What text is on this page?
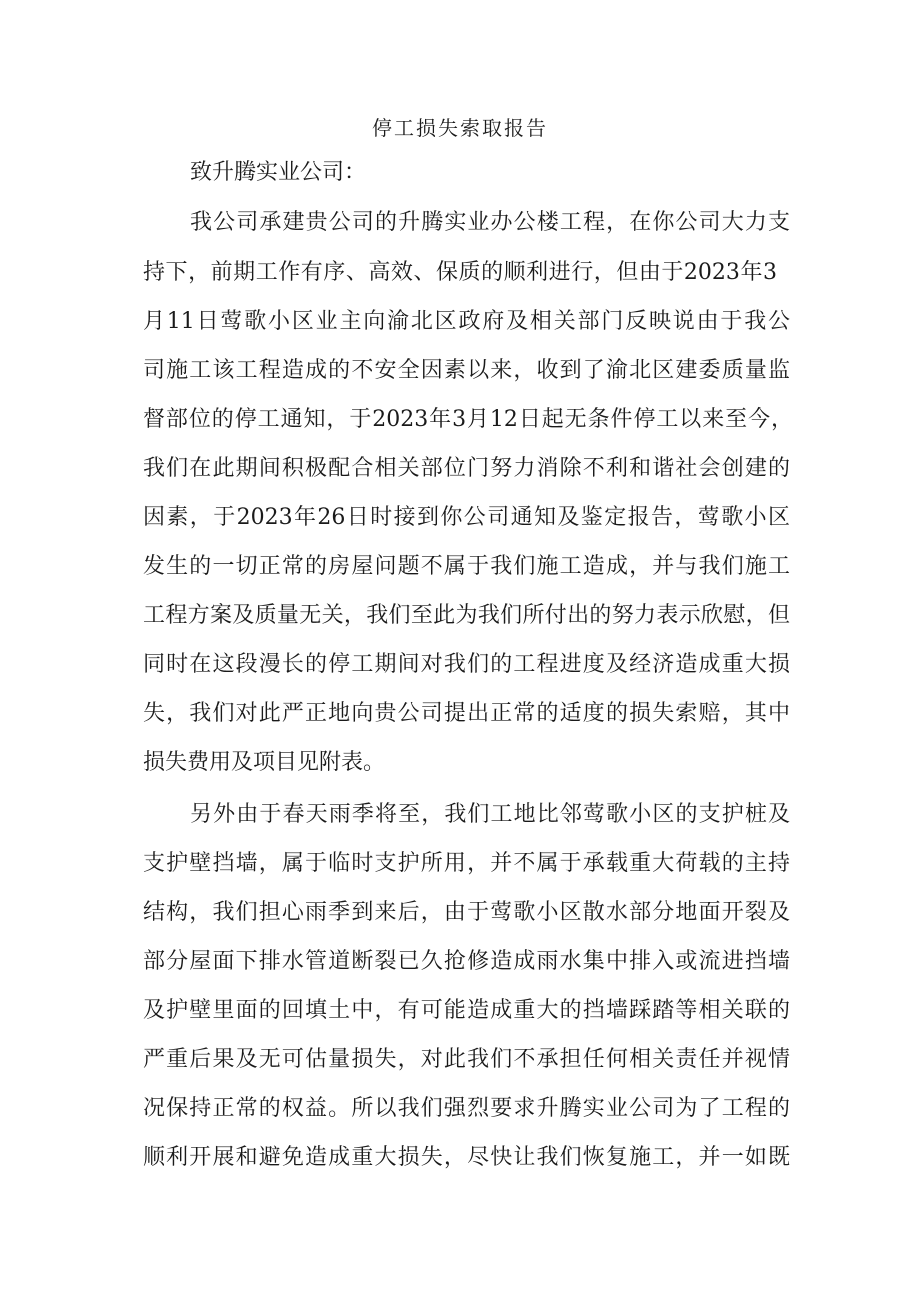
停工损失索取报告
致升腾实业公司：
我公司承建贵公司的升腾实业办公楼工程，在你公司大力支
持下，前期工作有序、高效、保质的顺利进行，但由于2023年3
月11日莺歌小区业主向渝北区政府及相关部门反映说由于我公
司施工该工程造成的不安全因素以来，收到了渝北区建委质量监
督部位的停工通知，于2023年3月12日起无条件停工以来至今，
我们在此期间积极配合相关部位门努力消除不利和谐社会创建的
因素，于2023年26日时接到你公司通知及鉴定报告，莺歌小区
发生的一切正常的房屋问题不属于我们施工造成，并与我们施工
工程方案及质量无关，我们至此为我们所付出的努力表示欣慰，但
同时在这段漫长的停工期间对我们的工程进度及经济造成重大损
失，我们对此严正地向贵公司提出正常的适度的损失索赔，其中
损失费用及项目见附表。
另外由于春天雨季将至，我们工地比邻莺歌小区的支护桩及
支护壁挡墙，属于临时支护所用，并不属于承载重大荷载的主持
结构，我们担心雨季到来后，由于莺歌小区散水部分地面开裂及
部分屋面下排水管道断裂已久抢修造成雨水集中排入或流进挡墙
及护壁里面的回填土中，有可能造成重大的挡墙踩踏等相关联的
严重后果及无可估量损失，对此我们不承担任何相关责任并视情
况保持正常的权益。所以我们强烈要求升腾实业公司为了工程的
顺利开展和避免造成重大损失，尽快让我们恢复施工，并一如既
